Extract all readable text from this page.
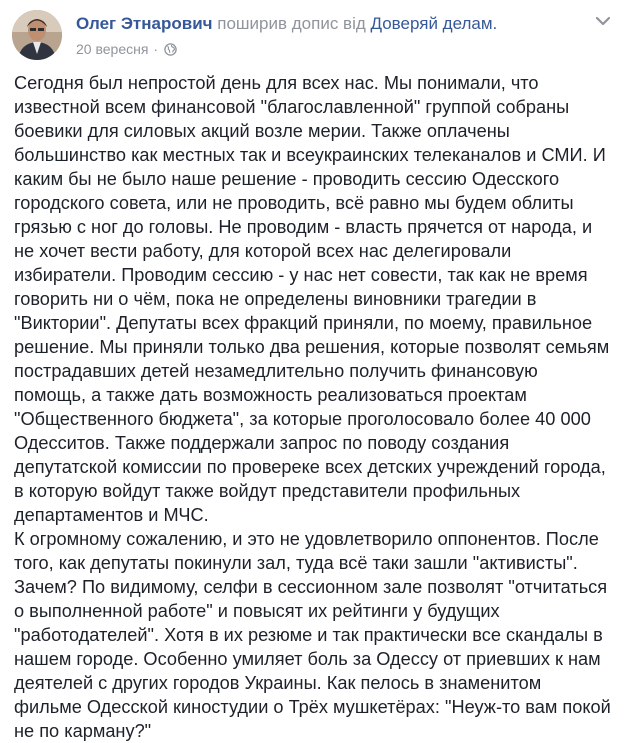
Олег Этнарович поширив допис від Доверяй делам.
20 вересня ·

Сегодня был непростой день для всех нас. Мы понимали, что известной всем финансовой "благославленной" группой собраны боевики для силовых акций возле мерии. Также оплачены большинство как местных так и всеукраинских телеканалов и СМИ. И каким бы не было наше решение - проводить сессию Одесского городского совета, или не проводить, всё равно мы будем облиты грязью с ног до головы. Не проводим - власть прячется от народа, и не хочет вести работу, для которой всех нас делегировали избиратели. Проводим сессию - у нас нет совести, так как не время говорить ни о чём, пока не определены виновники трагедии в "Виктории". Депутаты всех фракций приняли, по моему, правильное решение. Мы приняли только два решения, которые позволят семьям пострадавших детей незамедлительно получить финансовую помощь, а также дать возможность реализоваться проектам "Общественного бюджета", за которые проголосовало более 40 000 Одесситов. Также поддержали запрос по поводу создания депутатской комиссии по провереке всех детских учреждений города, в которую войдут также войдут представители профильных департаментов и МЧС.

К огромному сожалению, и это не удовлетворило оппонентов. После того, как депутаты покинули зал, туда всё таки зашли "активисты". Зачем? По видимому, селфи в сессионном зале позволят "отчитаться о выполненной работе" и повысят их рейтинги у будущих "работодателей". Хотя в их резюме и так практически все скандалы в нашем городе. Особенно умиляет боль за Одессу от приевших к нам деятелей с других городов Украины. Как пелось в знаменитом фильме Одесской киностудии о Трёх мушкетёрах: "Неуж-то вам покой не по карману?"
